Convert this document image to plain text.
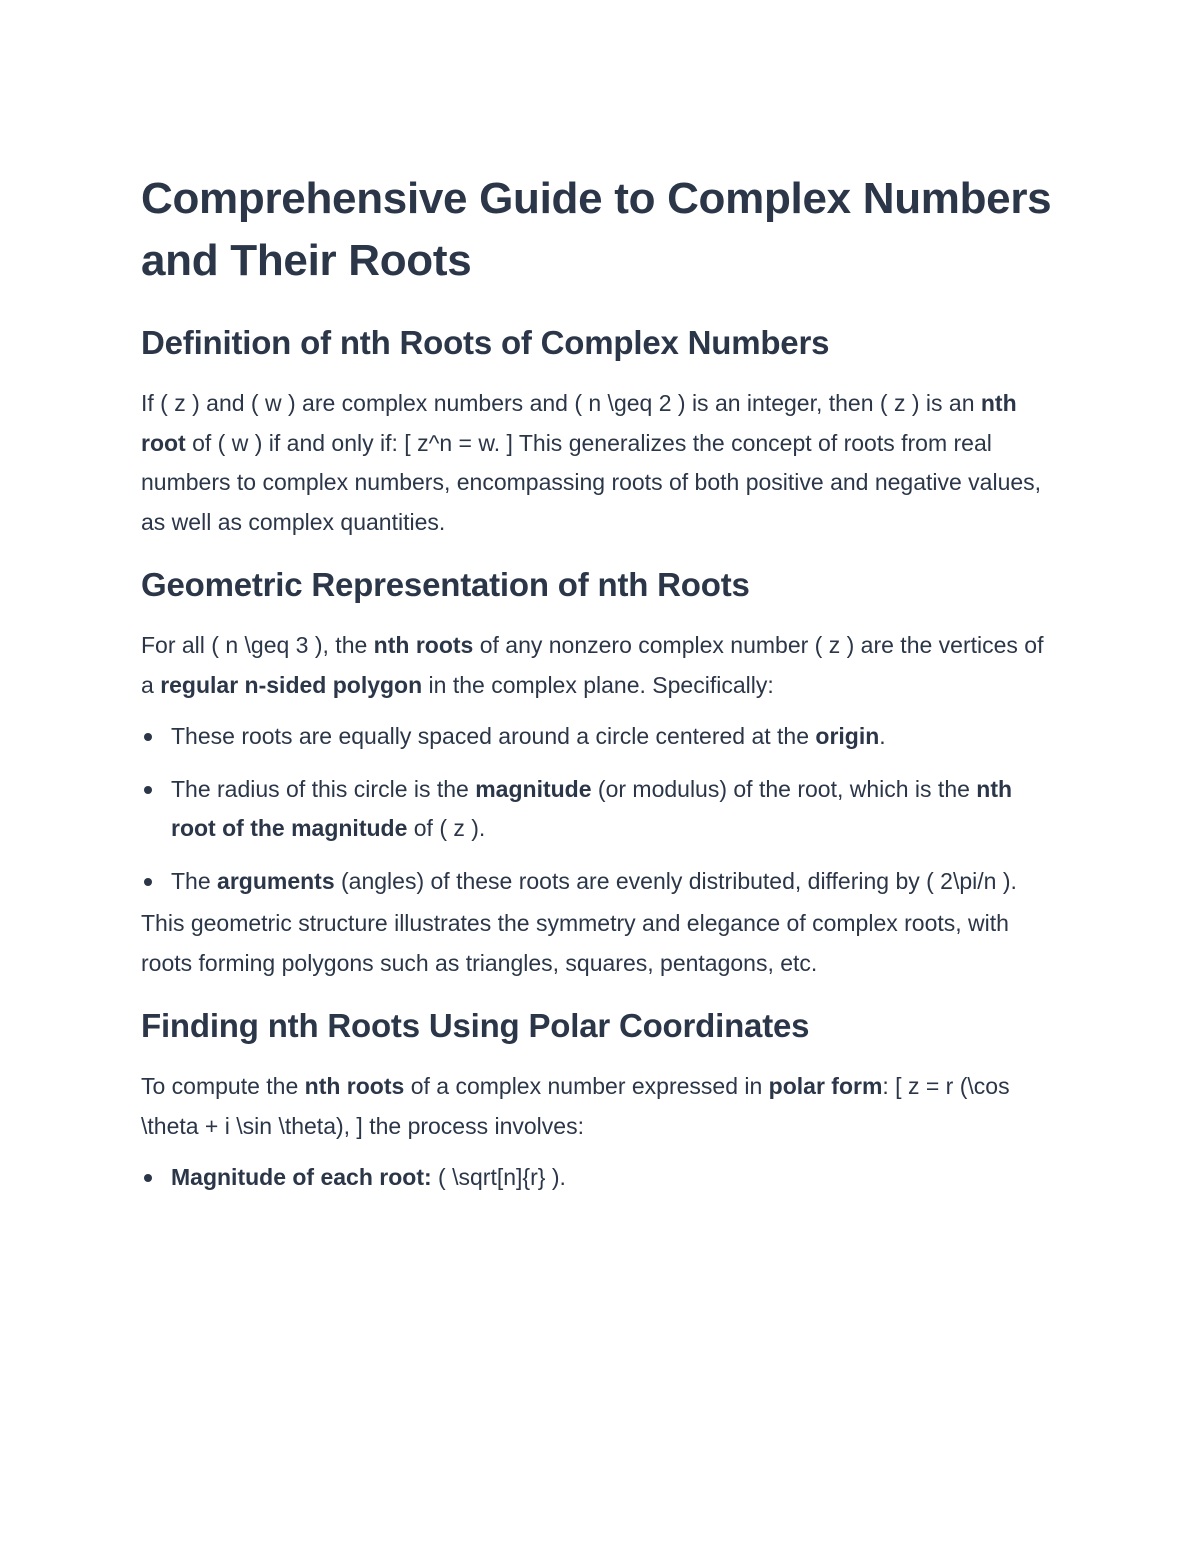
Comprehensive Guide to Complex Numbers and Their Roots
Definition of nth Roots of Complex Numbers

If ( z ) and ( w ) are complex numbers and ( n \geq 2 ) is an integer, then ( z ) is an nth root of ( w ) if and only if: [ z^n = w. ] This generalizes the concept of roots from real numbers to complex numbers, encompassing roots of both positive and negative values, as well as complex quantities.

Geometric Representation of nth Roots

For all ( n \geq 3 ), the nth roots of any nonzero complex number ( z ) are the vertices of a regular n-sided polygon in the complex plane. Specifically:

These roots are equally spaced around a circle centered at the origin.
The radius of this circle is the magnitude (or modulus) of the root, which is the nth root of the magnitude of ( z ).
The arguments (angles) of these roots are evenly distributed, differing by ( 2\pi/n ).

This geometric structure illustrates the symmetry and elegance of complex roots, with roots forming polygons such as triangles, squares, pentagons, etc.

Finding nth Roots Using Polar Coordinates

To compute the nth roots of a complex number expressed in polar form: [ z = r (\cos \theta + i \sin \theta), ] the process involves:

Magnitude of each root: ( \sqrt[n]{r} ).
